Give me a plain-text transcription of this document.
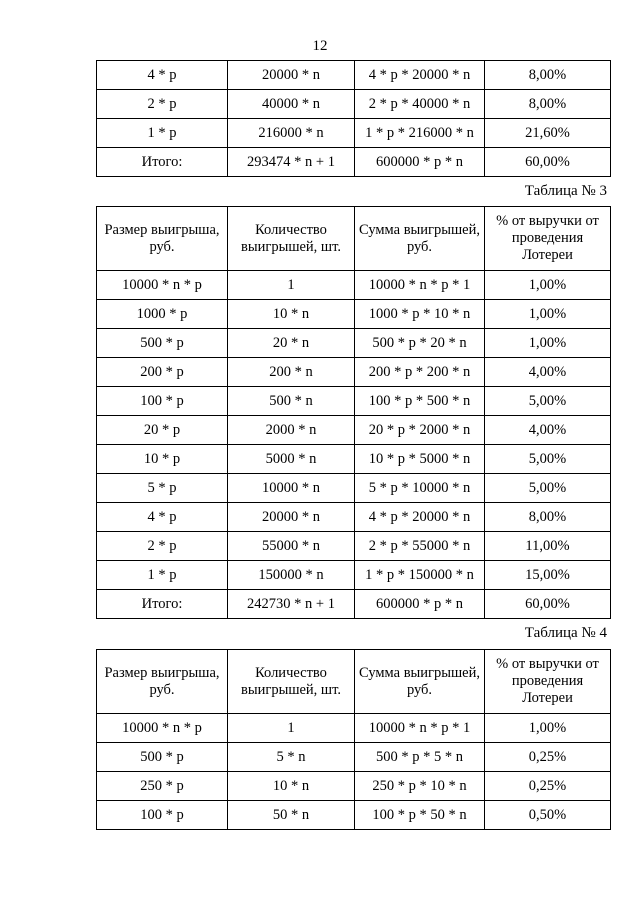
12
4 * p	20000 * n	4 * p * 20000 * n	8,00%
2 * p	40000 * n	2 * p * 40000 * n	8,00%
1 * p	216000 * n	1 * p * 216000 * n	21,60%
Итого:	293474 * n + 1	600000 * p * n	60,00%
Таблица № 3
Размер выигрыша, руб.	Количество выигрышей, шт.	Сумма выигрышей, руб.	% от выручки от проведения Лотереи
10000 * n * p	1	10000 * n * p * 1	1,00%
1000 * p	10 * n	1000 * p * 10 * n	1,00%
500 * p	20 * n	500 * p * 20 * n	1,00%
200 * p	200 * n	200 * p * 200 * n	4,00%
100 * p	500 * n	100 * p * 500 * n	5,00%
20 * p	2000 * n	20 * p * 2000 * n	4,00%
10 * p	5000 * n	10 * p * 5000 * n	5,00%
5 * p	10000 * n	5 * p * 10000 * n	5,00%
4 * p	20000 * n	4 * p * 20000 * n	8,00%
2 * p	55000 * n	2 * p * 55000 * n	11,00%
1 * p	150000 * n	1 * p * 150000 * n	15,00%
Итого:	242730 * n + 1	600000 * p * n	60,00%
Таблица № 4
Размер выигрыша, руб.	Количество выигрышей, шт.	Сумма выигрышей, руб.	% от выручки от проведения Лотереи
10000 * n * p	1	10000 * n * p * 1	1,00%
500 * p	5 * n	500 * p * 5 * n	0,25%
250 * p	10 * n	250 * p * 10 * n	0,25%
100 * p	50 * n	100 * p * 50 * n	0,50%
